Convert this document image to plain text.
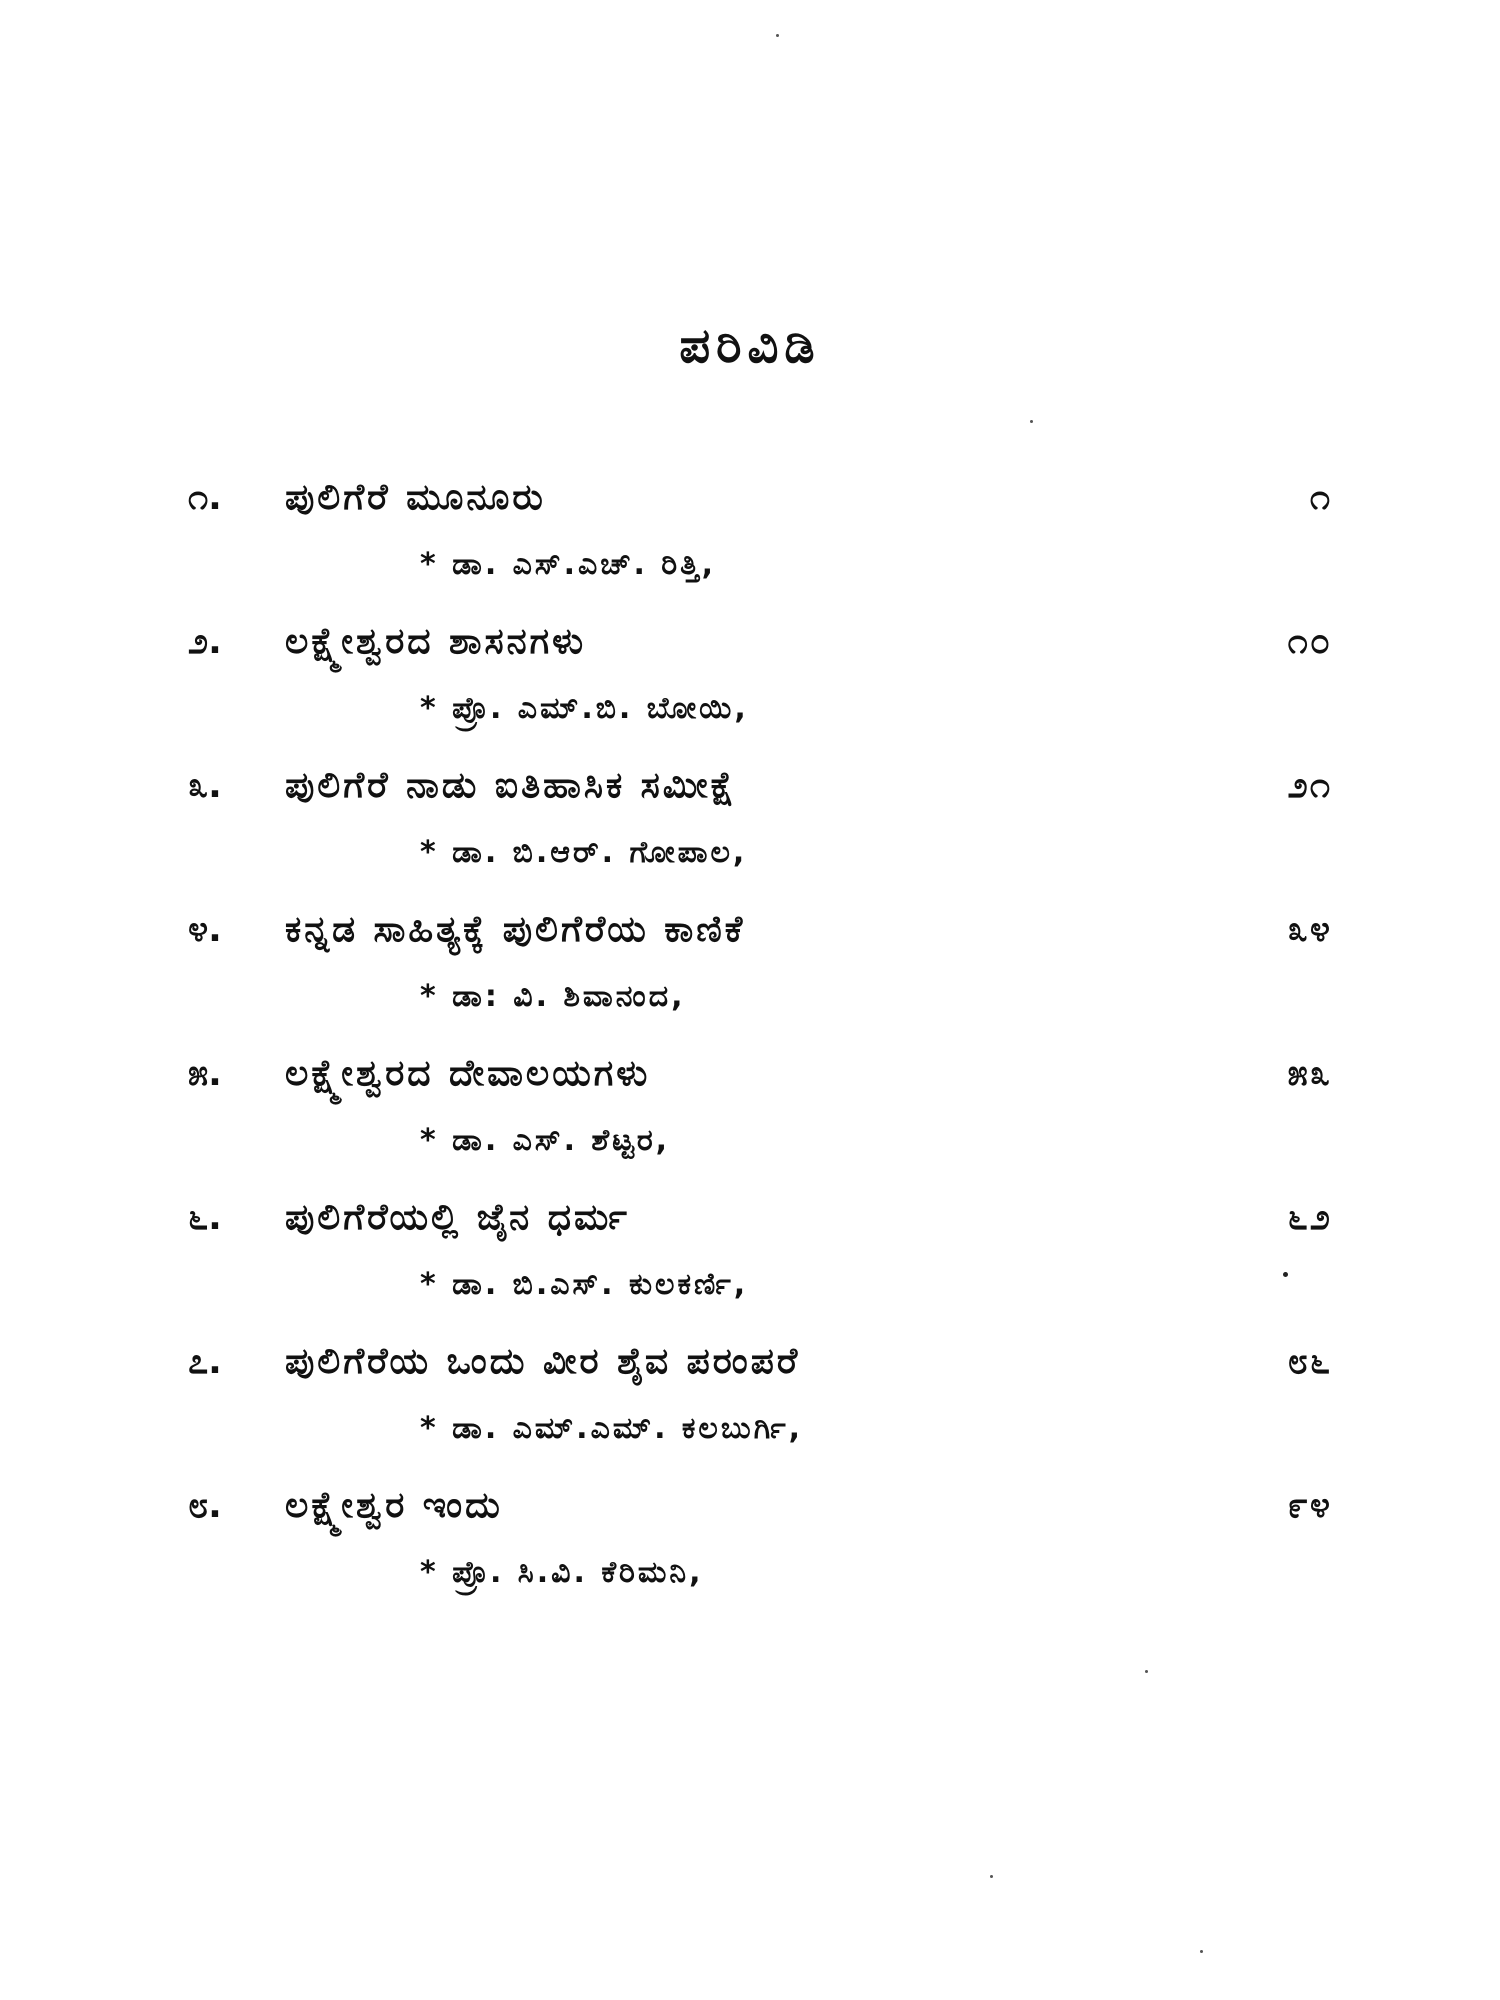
ಪರಿವಿಡಿ
೧. ಪುಲಿಗೆರೆ ಮೂನೂರು	೧
* ಡಾ. ಎಸ್.ಎಚ್. ರಿತ್ತಿ,
೨. ಲಕ್ಷ್ಮೇಶ್ವರದ ಶಾಸನಗಳು	೧೦
* ಪ್ರೊ. ಎಮ್.ಬಿ. ಬೋಯಿ,
೩. ಪುಲಿಗೆರೆ ನಾಡು ಐತಿಹಾಸಿಕ ಸಮೀಕ್ಷೆ	೨೧
* ಡಾ. ಬಿ.ಆರ್. ಗೋಪಾಲ,
೪. ಕನ್ನಡ ಸಾಹಿತ್ಯಕ್ಕೆ ಪುಲಿಗೆರೆಯ ಕಾಣಿಕೆ	೩೪
* ಡಾ: ವಿ. ಶಿವಾನಂದ,
೫. ಲಕ್ಷ್ಮೇಶ್ವರದ ದೇವಾಲಯಗಳು	೫೩
* ಡಾ. ಎಸ್. ಶೆಟ್ಟರ,
೬. ಪುಲಿಗೆರೆಯಲ್ಲಿ ಜೈನ ಧರ್ಮ	೬೨
* ಡಾ. ಬಿ.ಎಸ್. ಕುಲಕರ್ಣಿ,
೭. ಪುಲಿಗೆರೆಯ ಒಂದು ವೀರ ಶೈವ ಪರಂಪರೆ	೮೬
* ಡಾ. ಎಮ್.ಎಮ್. ಕಲಬುರ್ಗಿ,
೮. ಲಕ್ಷ್ಮೇಶ್ವರ ಇಂದು	೯೪
* ಪ್ರೊ. ಸಿ.ವಿ. ಕೆರಿಮನಿ,
